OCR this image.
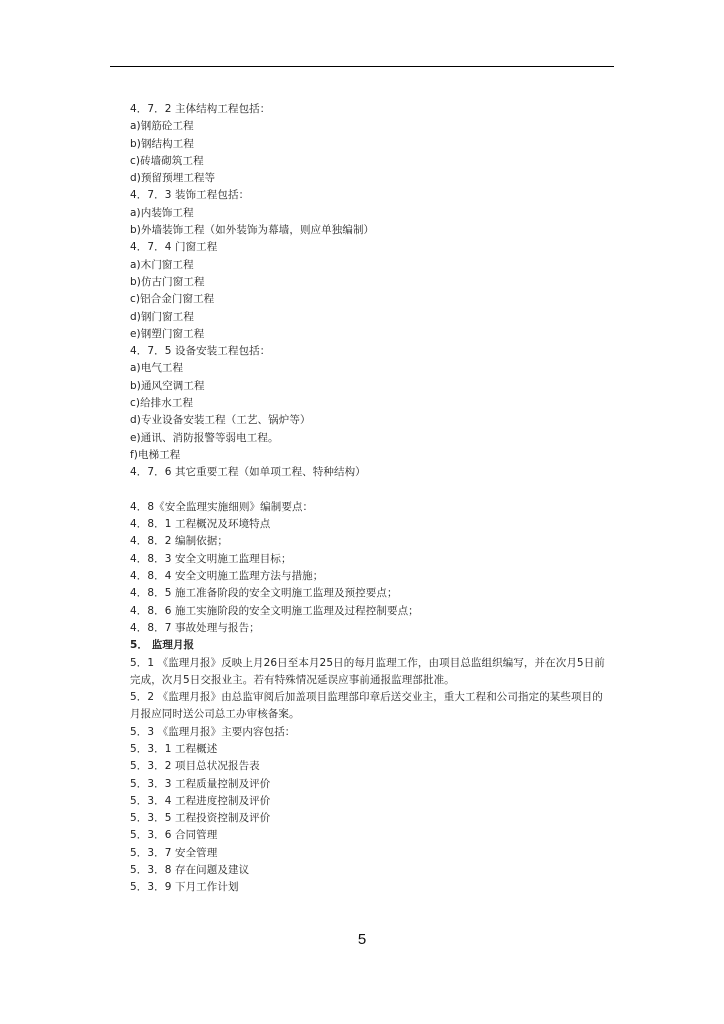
4．7．2 主体结构工程包括：
a)钢筋砼工程
b)钢结构工程
c)砖墙砌筑工程
d)预留预埋工程等
4．7．3 装饰工程包括：
a)内装饰工程
b)外墙装饰工程（如外装饰为幕墙，则应单独编制）
4．7．4 门窗工程
a)木门窗工程
b)仿古门窗工程
c)铝合金门窗工程
d)钢门窗工程
e)钢塑门窗工程
4．7．5 设备安装工程包括：
a)电气工程
b)通风空调工程
c)给排水工程
d)专业设备安装工程（工艺、锅炉等）
e)通讯、消防报警等弱电工程。
f)电梯工程
4．7．6 其它重要工程（如单项工程、特种结构）
4．8《安全监理实施细则》编制要点：
4．8．1 工程概况及环境特点
4．8．2 编制依据；
4．8．3 安全文明施工监理目标；
4．8．4 安全文明施工监理方法与措施；
4．8．5 施工准备阶段的安全文明施工监理及预控要点；
4．8．6 施工实施阶段的安全文明施工监理及过程控制要点；
4．8．7 事故处理与报告；
5． 监理月报
5．1 《监理月报》反映上月26日至本月25日的每月监理工作，由项目总监组织编写，并在次月5日前
完成，次月5日交报业主。若有特殊情况延误应事前通报监理部批准。
5．2 《监理月报》由总监审阅后加盖项目监理部印章后送交业主，重大工程和公司指定的某些项目的
月报应同时送公司总工办审核备案。
5．3 《监理月报》主要内容包括：
5．3．1 工程概述
5．3．2 项目总状况报告表
5．3．3 工程质量控制及评价
5．3．4 工程进度控制及评价
5．3．5 工程投资控制及评价
5．3．6 合同管理
5．3．7 安全管理
5．3．8 存在问题及建议
5．3．9 下月工作计划
5
